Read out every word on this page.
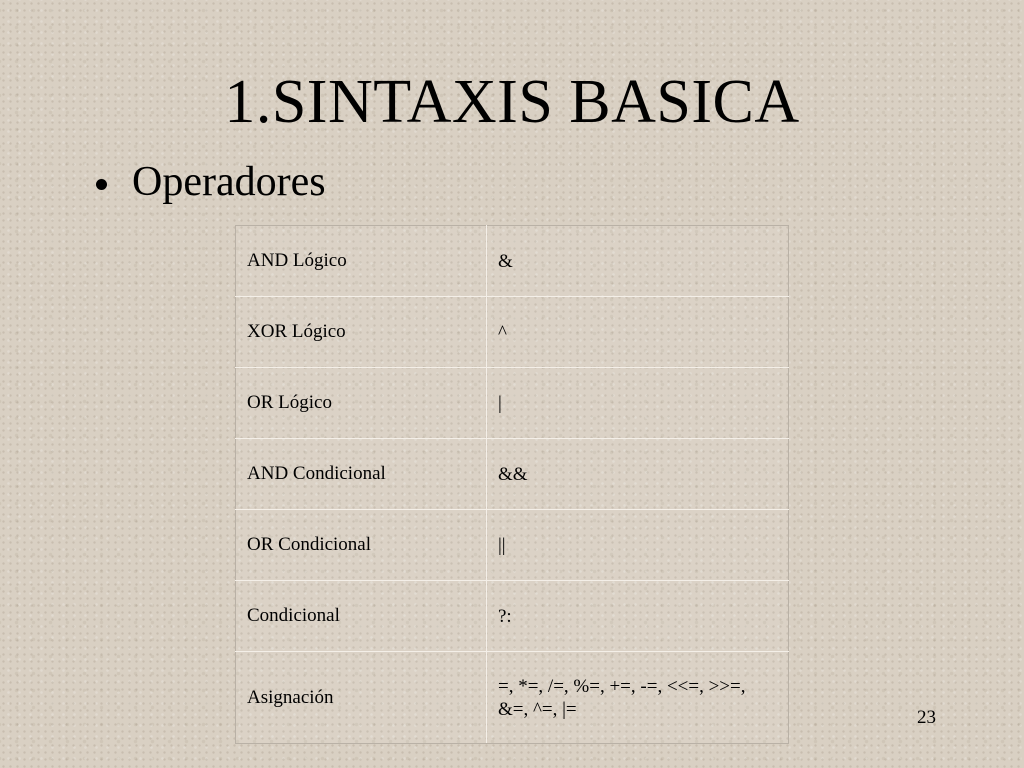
1.SINTAXIS BASICA
Operadores
AND Lógico	&
XOR Lógico	^
OR Lógico	|
AND Condicional	&&
OR Condicional	||
Condicional	?:
Asignación	=, *=, /=, %=, +=, -=, <<=, >>=, &=, ^=, |=	23
